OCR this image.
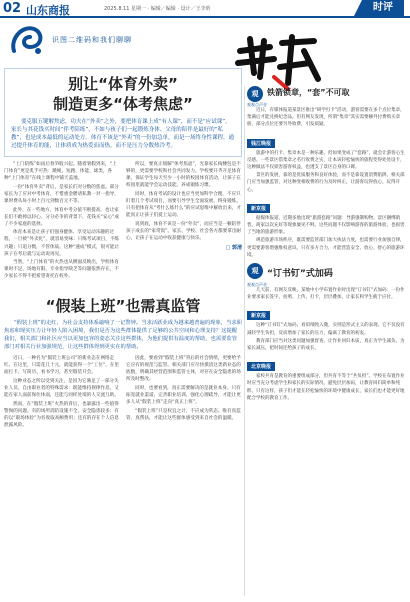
02 山东商报	2025.8.11 星期一 · 编辑／编辑 · 设计／王李昕	时评
识图二维码和我们聊聊
别让“体育外卖”
制造更多“体考焦虑”

要克服五键解焦虑，功夫在“外卖”之外，要把体育课上成“有人课”，而不是“应试课”。家长与其花钱买时间“伴考陪练”，不如与孩子们一起锻炼身体、父母的陪伴是最好的“私教”，也是成本最低的运动处方。体育不该是“外卖”的一份加急单，而是一场终身性课程。通过提升体育的能，让体质成为热爱而而热，而不是压力分数热冷考。

“上门陪练”如雨后春笋般兴起。随着暑假到来，“上门体育”更是炙手可热：跳绳、短跑、体能、球类，各种“上门体育”在线上课程中铺天盖地。

一份“体育外卖”背后，是家长们对分数的焦虑。部分家长为了应对中考体育，不惜重金聘请私教一对一指导，课时费从每小时上百元到数百元不等。

此外，在一些地方，体育中考分值不断提高，也让家长们不敢掉以轻心。分分必争的背景下，花钱买“安心”成了不少家庭的选择。

体育本来是让孩子们强身健体、享受运动乐趣的过程，一旦被“外卖化”，就容易变味：只练考试项目，不练兴趣；只追分数，不管体质。这种“速成”模式，很可能让孩子在考后就与运动说再见。

当然，“上门体育”的火热也从侧面反映出，学校体育课时不足、场地有限、专业指导缺乏等问题依然存在，不少家长不得不把希望寄托在校外。

所以，要真正缓解“体考焦虑”，光靠家长掏腰包是不够的，更需要学校和社会共同发力。学校要开齐开足体育课，保证学生每天至少一小时的校园体育活动，让孩子在校园里就能学会运动技能、养成锻炼习惯。

同时，体育考试的设计也应当更加科学合理，不应只盯着几个考试项目，而要引导学生全面发展、终身锻炼。只有把体育从“考什么练什么”的应试思维中解放出来，才能真正让孩子们爱上运动。

说到底，体育不该是一份“外卖”，而应当是一顿陪伴孩子成长的“家常饭”。家长、学校、社会各方都要拿出耐心，让孩子在运动中收获健康与快乐。

□ 郭清
“假装上班”也需真监管

“假装上班”的走红，为社会支持体系敲响了一记警钟。当求活跃业成为越来越普遍的现象，当求职焦虑和现实压力让年轻人陷入困境，我们是否为这些群体提供了足够的公共空间和心理支持？这提醒我们，相关部门和社区应当以更加包容的姿态关注这些群体，为他们提供有温度的帮助，也需要监管部门对相关行业加强规范，让这些群体得到更实在的帮助。

近日，一种名为“假装上班公司”的新业态在网络走红。在这里，只需花几十元，就能获得一个“工位”，在里面打卡、写简历、看书学习，甚至假装开会。

这种业态之所以受到关注，是因为它满足了一部分失业人员、自由职业者的特殊需求：既能维持规律作息，又能在家人面前保住体面，还能与同样处境的人交流互助。

然而，在“假装上班”火热的背后，也暴露出一些值得警惕的问题。有的场所消防设施不全、安全隐患较多；有的以“职场体验”为名收取高额费用；还有的存在个人信息泄露风险。

因此，要看到“假装上班”背后的社会情绪，更要给予它应有的规范与监管。相关部门应尽快摸清这类新业态的底数，明确其经营范围和监管主体，对存在安全隐患的场所及时整改。

同时，也要看到，真正需要解决的是就业本身。只有拓宽就业渠道、完善职业培训、强化心理疏导，才能让更多人从“假装上班”走向“真正上班”。

“假装上班”只是权宜之计，不应成为常态。唯有真监管、真帮扶，才能让这些群体感受到来自社会的温暖。

观	铁箭锁章，“套”不可取
观观点声音

近日，有媒体报道某景区推出“研学打卡”活动，游客需要在多个点位集章，集满后才能兑换纪念品。但有网友发现，所谓“集章”其实需要额外付费购买章册，部分点位还要另外收费，引发质疑。

钱江晚报

旅游中的打卡、集章本是一种乐趣，但如果变成了“套路”，就会让游客心生反感。一些景区借集章之名行收费之实，让本该轻松愉快的旅程变得处处设卡，这种做法不仅损害游客权益，也透支了景区自身的口碑。

景区的发展，靠的是优质服务和良好体验，而不是靠设置消费陷阱。相关部门应当加强监管，对这种变相收费的行为及时纠正，让游客玩得放心、玩得开心。

新京报

据媒体报道，近期多地出现“旅游套路”问题：导游强制购物、景区捆绑销售、商家以次充好等现象屡见不鲜。这些问题不仅影响游客的旅游体验，也损害了当地的旅游形象。

规范旅游市场秩序，既需要监管部门加大执法力度，也需要行业加强自律，更需要游客增强维权意识。只有多方合力，才能营造安全、放心、舒心的旅游环境。

观 “订书钉”式加码
观观点声音

几天前，有网友反映，某地中小学布置作业时出现“订书钉”式加码：一份作业要求家长签字、拍照、上传、打卡，层层叠加，让家长和学生疲于应付。

新京报

这种“订书钉”式加码，看似细致入微，实则是形式主义的表现。它不仅没有减轻学生负担，反而增加了家长的压力，偏离了教育的初衷。

教育部门应当对这类问题加强督查，让作业回归本质，真正为学生减负、为家长减压，把时间还给孩子的成长。

北京晚报

家校共育是教育的重要组成部分，但共育不等于“共负担”。学校在布置作业时应当充分考虑学生和家长的实际情况，避免层层加码，让教育回归简单和纯粹。只有这样，孩子们才能在轻松愉快的环境中健康成长，家长们也才能更好地配合学校的教育工作。
